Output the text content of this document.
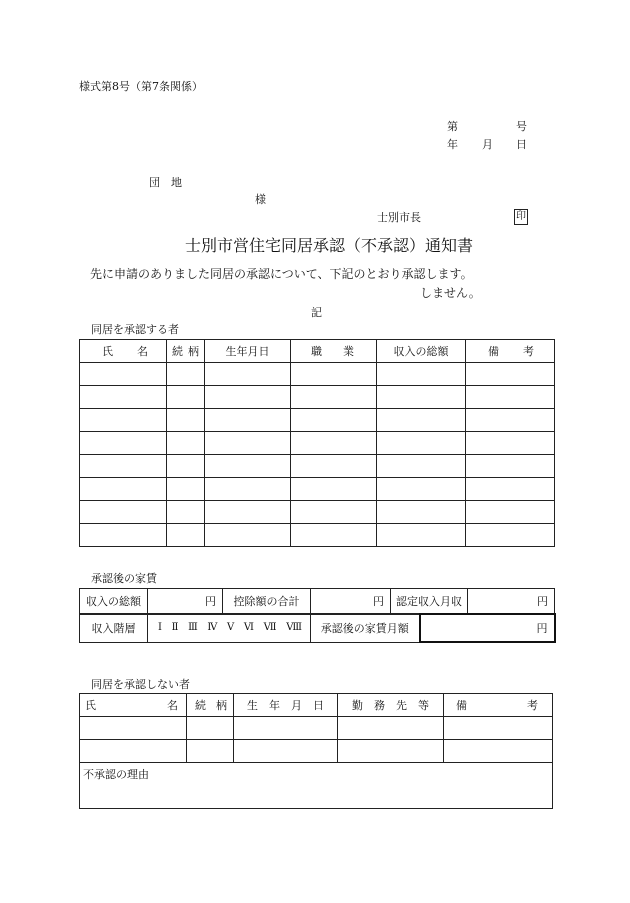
様式第8号（第7条関係）
第	号
年 月 日
団 地
様
士別市長	印
士別市営住宅同居承認（不承認）通知書
先に申請のありました同居の承認について、下記のとおり承認します。
しません。
記
同居を承認する者
氏 名	続 柄	生年月日	職 業	収入の総額	備 考

承認後の家賃
収入の総額	円	控除額の合計	円	認定収入月収	円
収入階層	Ⅰ Ⅱ Ⅲ Ⅳ Ⅴ Ⅵ Ⅶ Ⅷ	承認後の家賃月額	円
同居を承認しない者
氏 名	続 柄	生　年　月　日	勤　務　先　等	備 考

不承認の理由				
